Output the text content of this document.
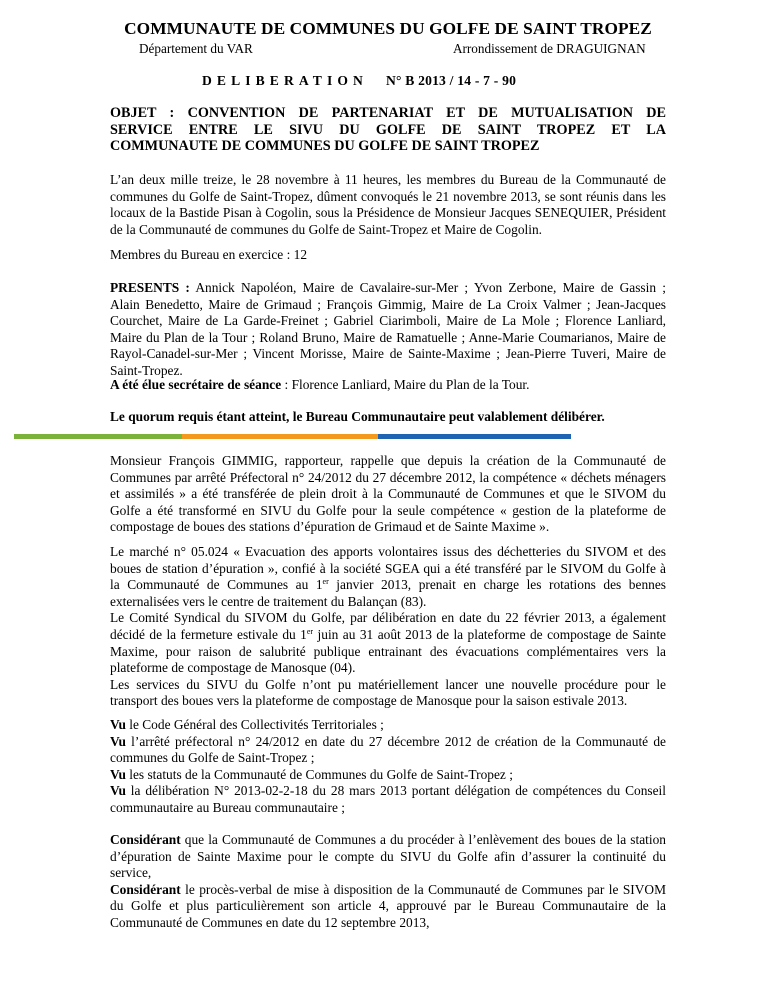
COMMUNAUTE DE COMMUNES DU GOLFE DE SAINT TROPEZ
Département du VAR	Arrondissement de DRAGUIGNAN
DELIBERATION N° B 2013 / 14 - 7 - 90
OBJET : CONVENTION DE PARTENARIAT ET DE MUTUALISATION DE
SERVICE ENTRE LE SIVU DU GOLFE DE SAINT TROPEZ ET LA
COMMUNAUTE DE COMMUNES DU GOLFE DE SAINT TROPEZ
L’an deux mille treize, le 28 novembre à 11 heures, les membres du Bureau de la Communauté de
communes du Golfe de Saint-Tropez, dûment convoqués le 21 novembre 2013, se sont réunis dans les
locaux de la Bastide Pisan à Cogolin, sous la Présidence de Monsieur Jacques SENEQUIER, Président
de la Communauté de communes du Golfe de Saint-Tropez et Maire de Cogolin.
Membres du Bureau en exercice : 12
PRESENTS : Annick Napoléon, Maire de Cavalaire-sur-Mer ; Yvon Zerbone, Maire de Gassin ;
Alain Benedetto, Maire de Grimaud ; François Gimmig, Maire de La Croix Valmer ; Jean-Jacques
Courchet, Maire de La Garde-Freinet ; Gabriel Ciarimboli, Maire de La Mole ; Florence Lanliard,
Maire du Plan de la Tour ; Roland Bruno, Maire de Ramatuelle ; Anne-Marie Coumarianos, Maire de
Rayol-Canadel-sur-Mer ; Vincent Morisse, Maire de Sainte-Maxime ; Jean-Pierre Tuveri, Maire de
Saint-Tropez.
A été élue secrétaire de séance : Florence Lanliard, Maire du Plan de la Tour.
Le quorum requis étant atteint, le Bureau Communautaire peut valablement délibérer.
Monsieur François GIMMIG, rapporteur, rappelle que depuis la création de la Communauté de
Communes par arrêté Préfectoral n° 24/2012 du 27 décembre 2012, la compétence « déchets ménagers
et assimilés » a été transférée de plein droit à la Communauté de Communes et que le SIVOM du
Golfe a été transformé en SIVU du Golfe pour la seule compétence « gestion de la plateforme de
compostage de boues des stations d’épuration de Grimaud et de Sainte Maxime ».
Le marché n° 05.024 « Evacuation des apports volontaires issus des déchetteries du SIVOM et des
boues de station d’épuration », confié à la société SGEA qui a été transféré par le SIVOM du Golfe à
la Communauté de Communes au 1er janvier 2013, prenait en charge les rotations des bennes
externalisées vers le centre de traitement du Balançan (83).
Le Comité Syndical du SIVOM du Golfe, par délibération en date du 22 février 2013, a également
décidé de la fermeture estivale du 1er juin au 31 août 2013 de la plateforme de compostage de Sainte
Maxime, pour raison de salubrité publique entrainant des évacuations complémentaires vers la
plateforme de compostage de Manosque (04).
Les services du SIVU du Golfe n’ont pu matériellement lancer une nouvelle procédure pour le
transport des boues vers la plateforme de compostage de Manosque pour la saison estivale 2013.
Vu le Code Général des Collectivités Territoriales ;
Vu l’arrêté préfectoral n° 24/2012 en date du 27 décembre 2012 de création de la Communauté de
communes du Golfe de Saint-Tropez ;
Vu les statuts de la Communauté de Communes du Golfe de Saint-Tropez ;
Vu la délibération N° 2013-02-2-18 du 28 mars 2013 portant délégation de compétences du Conseil
communautaire au Bureau communautaire ;
Considérant que la Communauté de Communes a du procéder à l’enlèvement des boues de la station
d’épuration de Sainte Maxime pour le compte du SIVU du Golfe afin d’assurer la continuité du
service,
Considérant le procès-verbal de mise à disposition de la Communauté de Communes par le SIVOM
du Golfe et plus particulièrement son article 4, approuvé par le Bureau Communautaire de la
Communauté de Communes en date du 12 septembre 2013,
